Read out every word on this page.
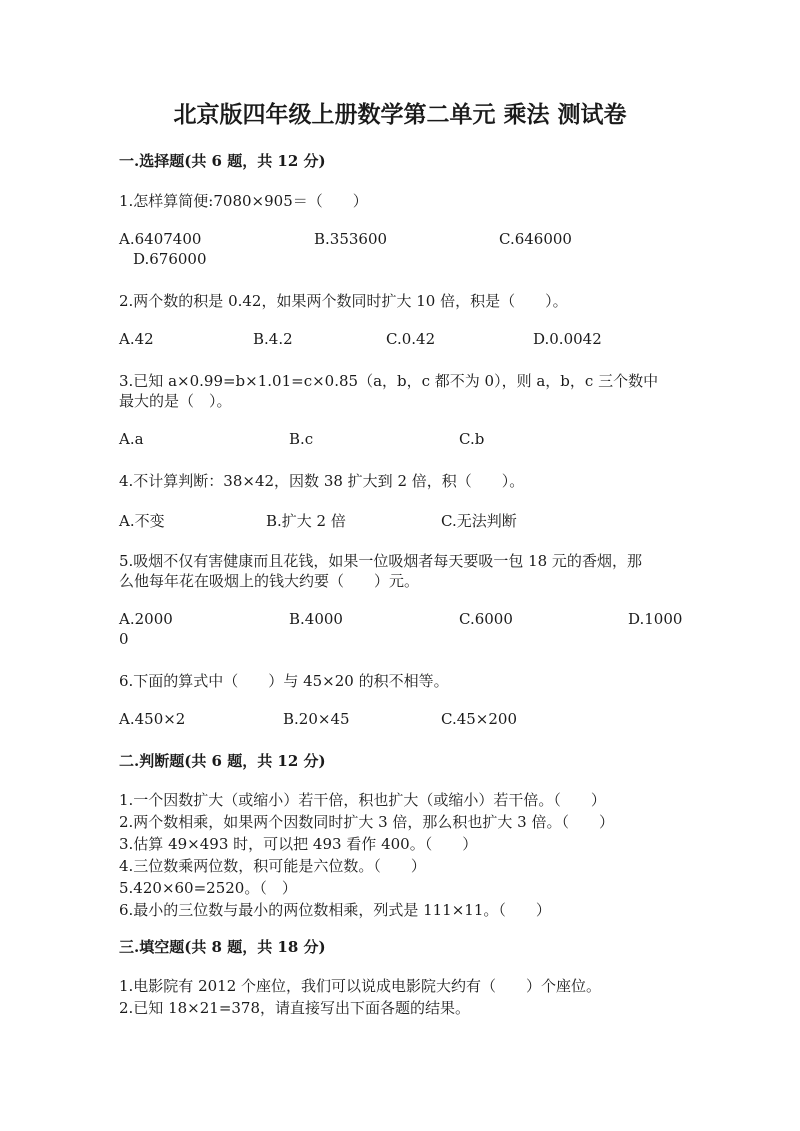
北京版四年级上册数学第二单元 乘法 测试卷
一.选择题(共 6 题，共 12 分)
1.怎样算简便:7080×905＝（　　）
A.6407400	B.353600	C.646000
D.676000
2.两个数的积是 0.42，如果两个数同时扩大 10 倍，积是（　　）。
A.42	B.4.2	C.0.42	D.0.0042
3.已知 a×0.99=b×1.01=c×0.85（a，b，c 都不为 0），则 a，b，c 三个数中
最大的是（　）。
A.a	B.c	C.b
4.不计算判断：38×42，因数 38 扩大到 2 倍，积（　　）。
A.不变	B.扩大 2 倍	C.无法判断
5.吸烟不仅有害健康而且花钱，如果一位吸烟者每天要吸一包 18 元的香烟，那
么他每年花在吸烟上的钱大约要（　　）元。
A.2000	B.4000	C.6000	D.1000
0
6.下面的算式中（　　）与 45×20 的积不相等。
A.450×2	B.20×45	C.45×200
二.判断题(共 6 题，共 12 分)
1.一个因数扩大（或缩小）若干倍，积也扩大（或缩小）若干倍。（　　）
2.两个数相乘，如果两个因数同时扩大 3 倍，那么积也扩大 3 倍。（　　）
3.估算 49×493 时，可以把 493 看作 400。（　　）
4.三位数乘两位数，积可能是六位数。（　　）
5.420×60=2520。（　）
6.最小的三位数与最小的两位数相乘，列式是 111×11。（　　）
三.填空题(共 8 题，共 18 分)
1.电影院有 2012 个座位，我们可以说成电影院大约有（　　）个座位。
2.已知 18×21=378，请直接写出下面各题的结果。
